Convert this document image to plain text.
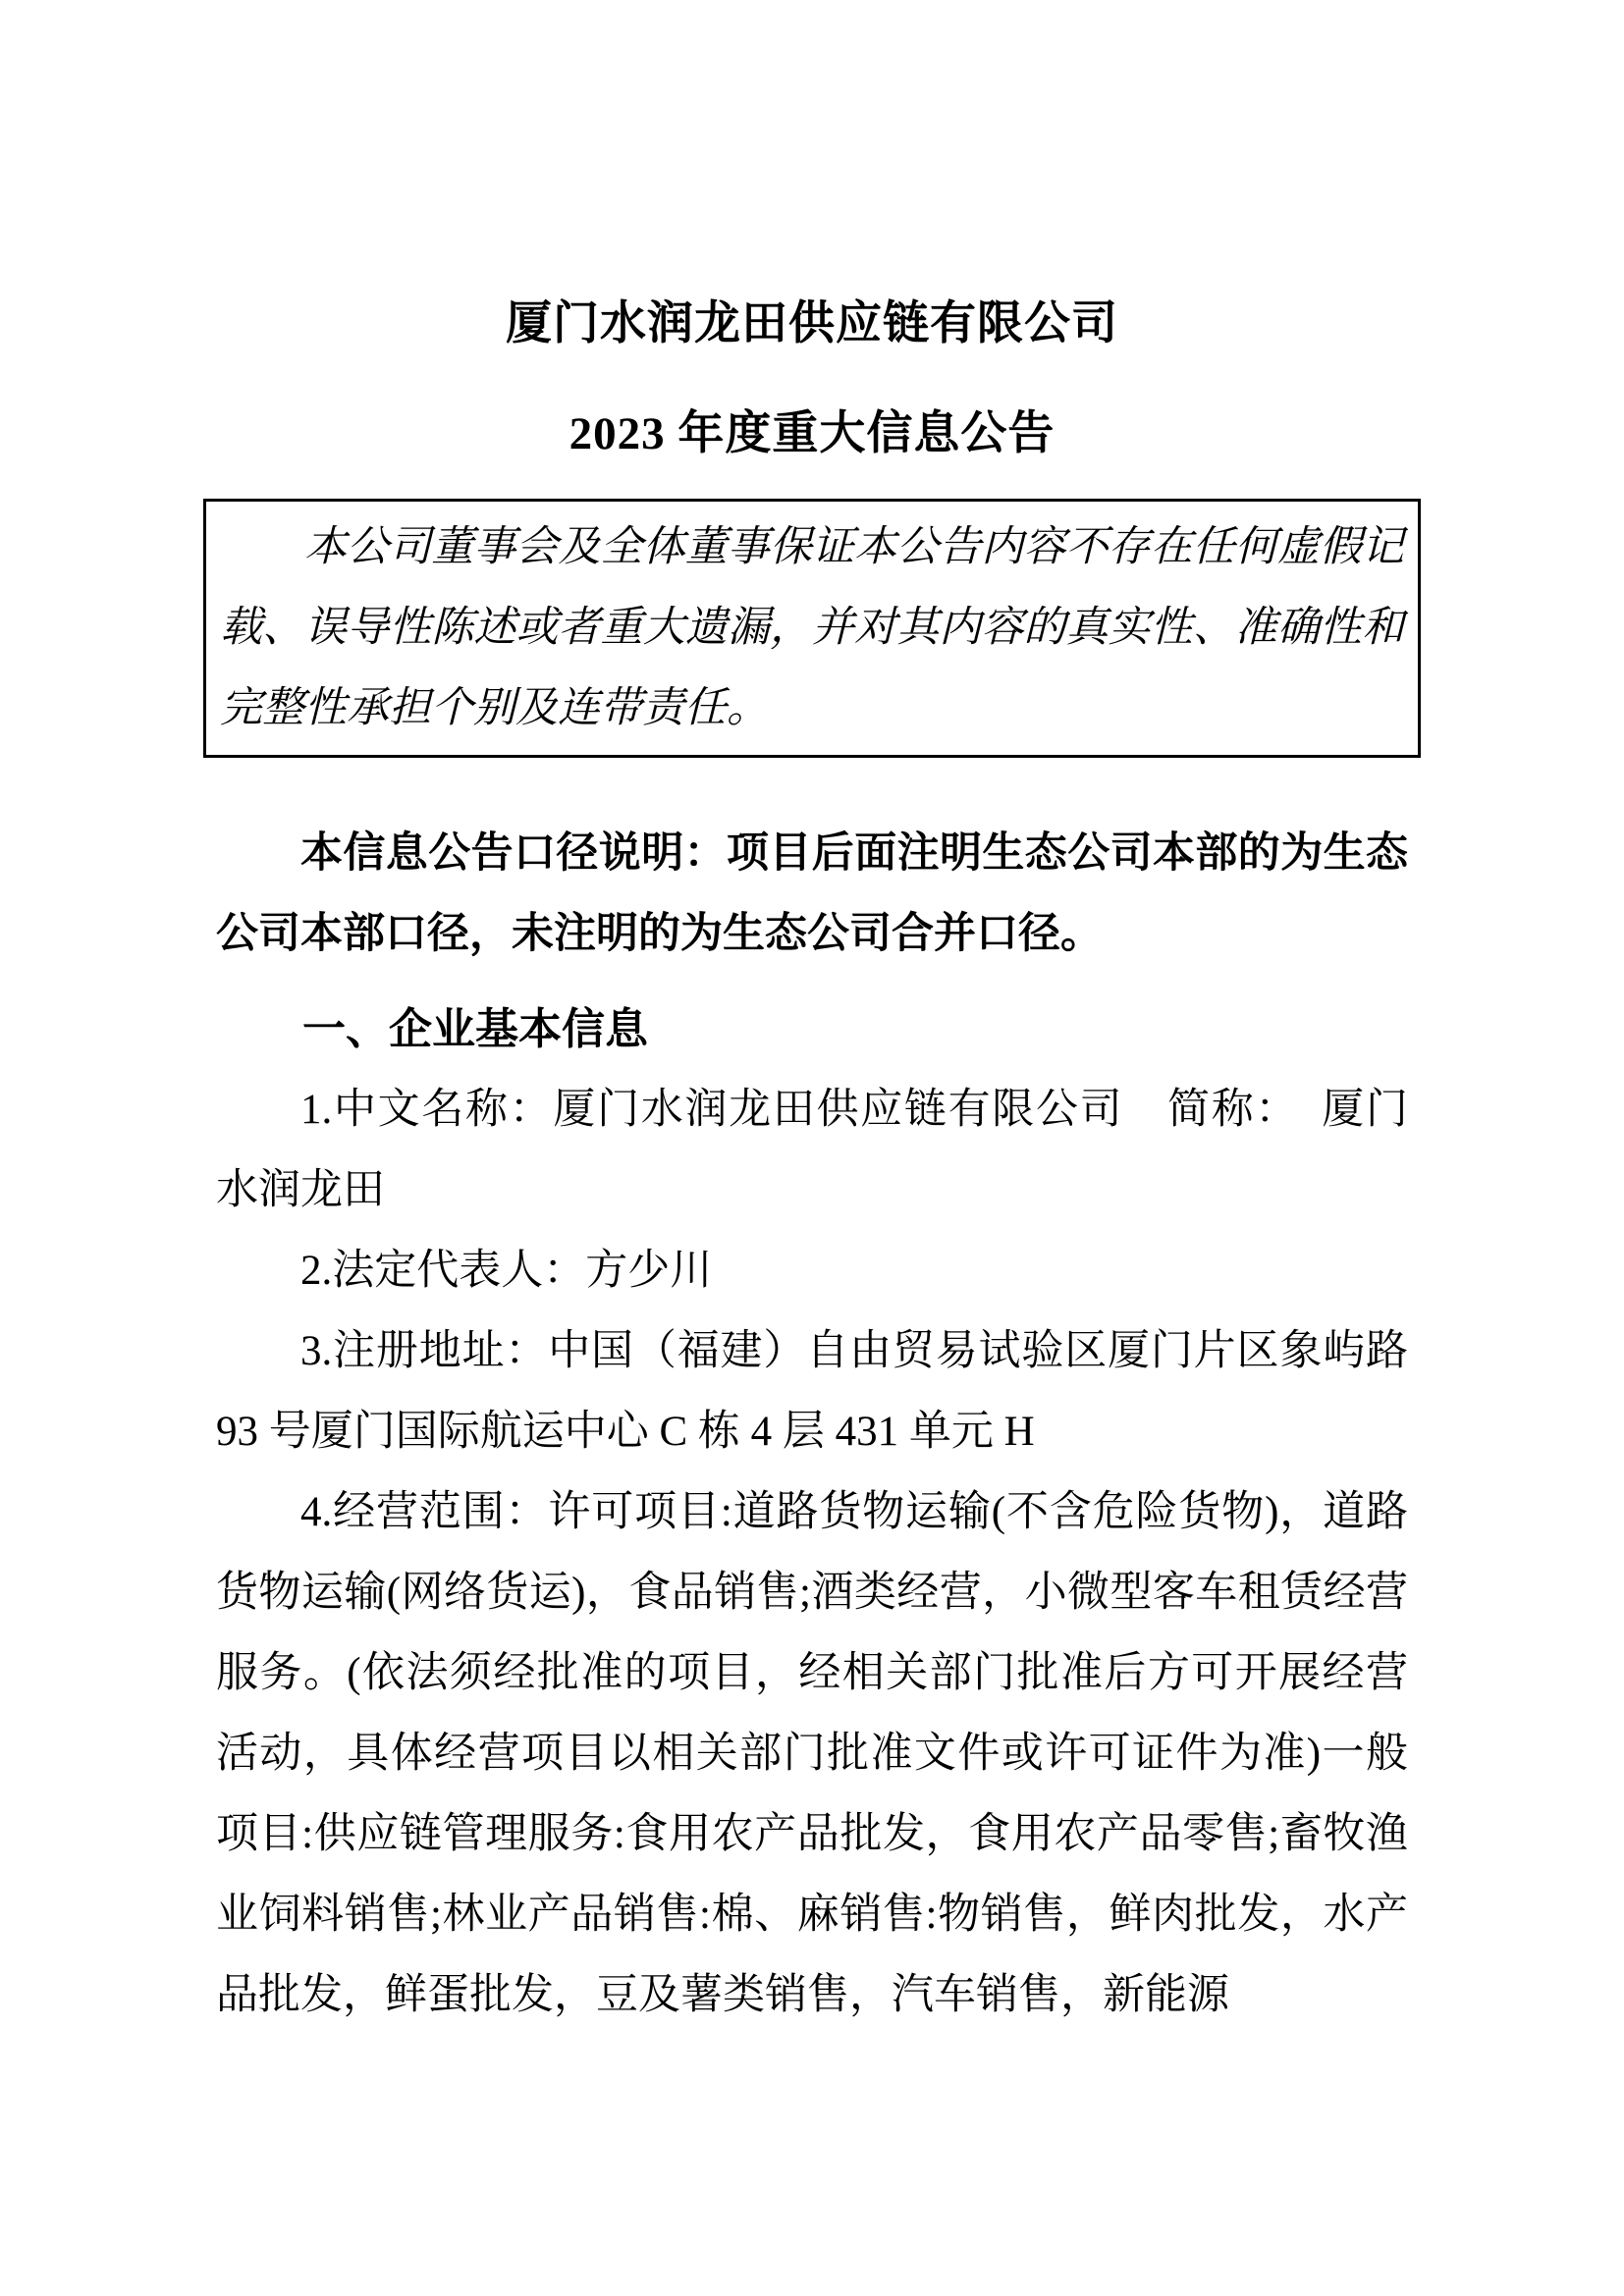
厦门水润龙田供应链有限公司
2023 年度重大信息公告

本公司董事会及全体董事保证本公告内容不存在任何虚假记载、误导性陈述或者重大遗漏，并对其内容的真实性、准确性和完整性承担个别及连带责任。

本信息公告口径说明：项目后面注明生态公司本部的为生态公司本部口径，未注明的为生态公司合并口径。

一、企业基本信息

1.中文名称：厦门水润龙田供应链有限公司　简称：　厦门水润龙田

2.法定代表人：方少川

3.注册地址：中国（福建）自由贸易试验区厦门片区象屿路 93 号厦门国际航运中心 C 栋 4 层 431 单元 H

4.经营范围：许可项目:道路货物运输(不含危险货物)，道路货物运输(网络货运)，食品销售;酒类经营，小微型客车租赁经营服务。(依法须经批准的项目，经相关部门批准后方可开展经营活动，具体经营项目以相关部门批准文件或许可证件为准)一般项目:供应链管理服务:食用农产品批发，食用农产品零售;畜牧渔业饲料销售;林业产品销售:棉、麻销售:物销售，鲜肉批发，水产品批发，鲜蛋批发，豆及薯类销售，汽车销售，新能源
